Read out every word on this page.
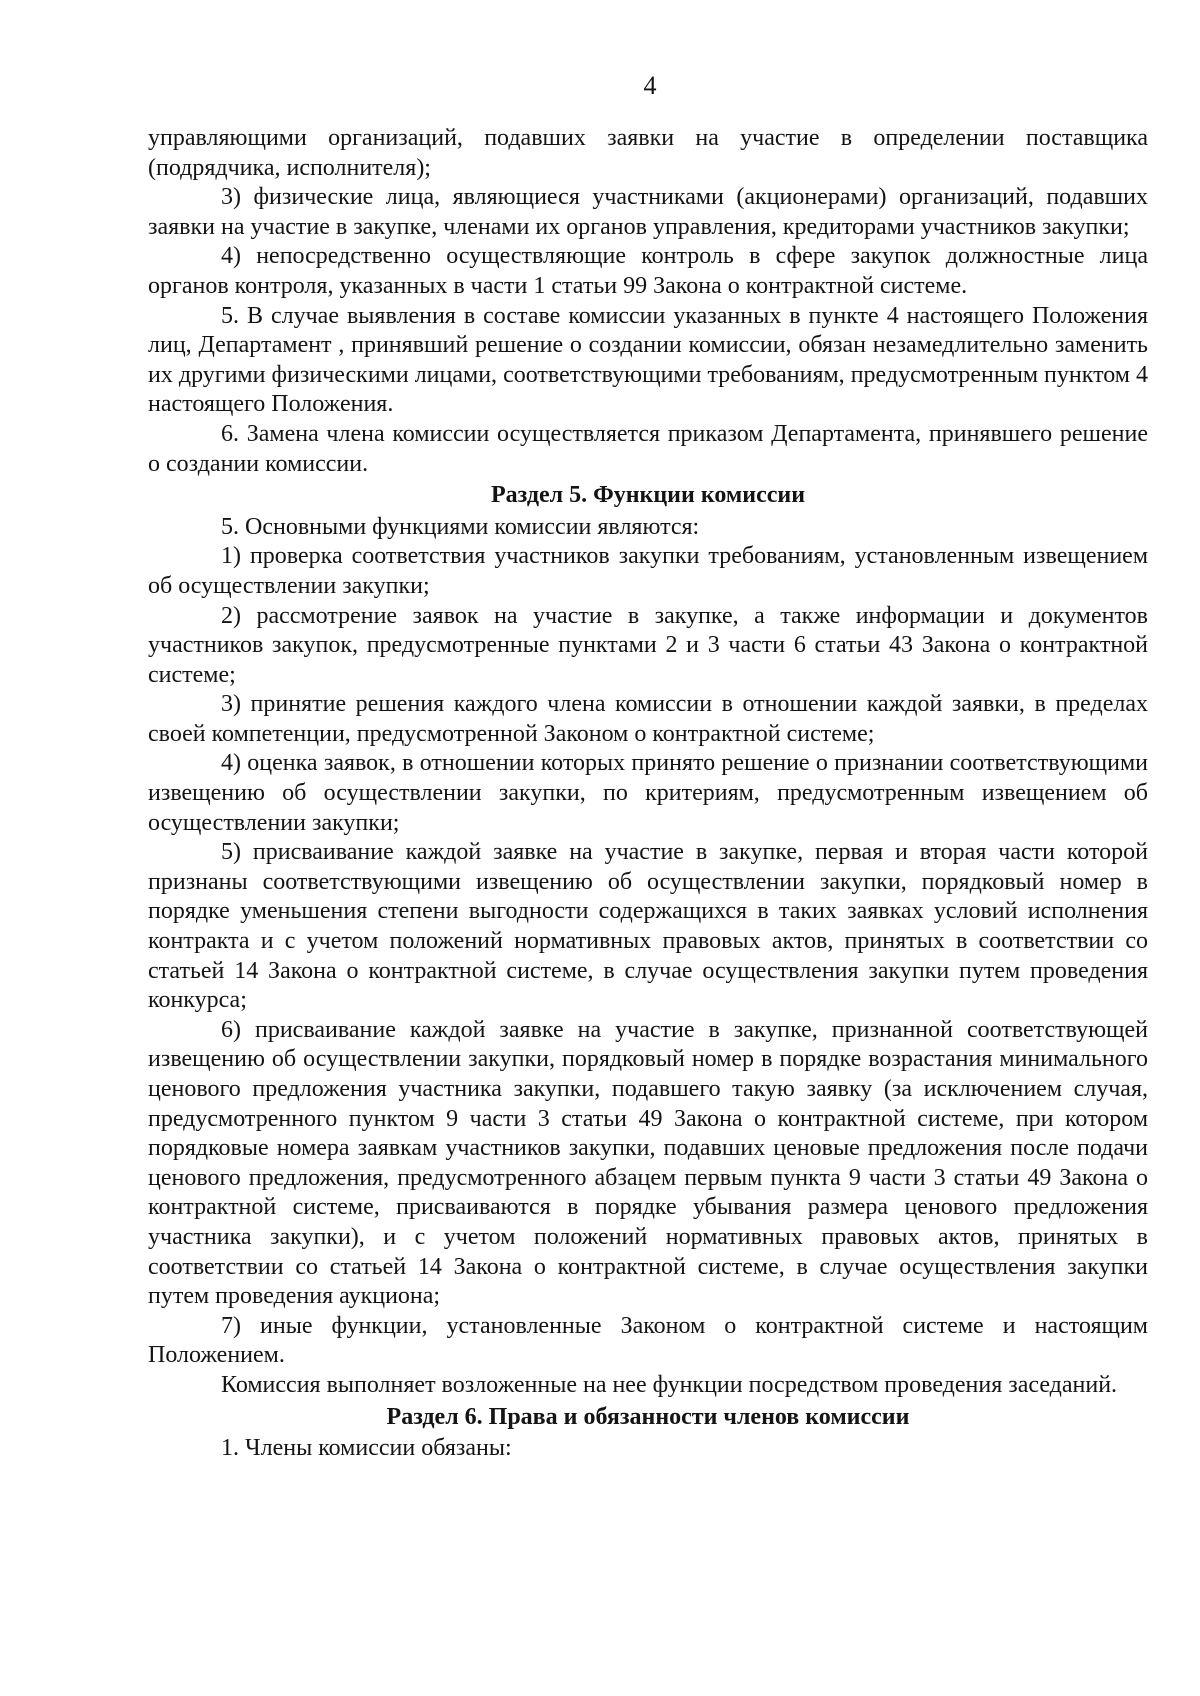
4

управляющими организаций, подавших заявки на участие в определении поставщика (подрядчика, исполнителя);

3) физические лица, являющиеся участниками (акционерами) организаций, подавших заявки на участие в закупке, членами их органов управления, кредиторами участников закупки;

4) непосредственно осуществляющие контроль в сфере закупок должностные лица органов контроля, указанных в части 1 статьи 99 Закона о контрактной системе.

5. В случае выявления в составе комиссии указанных в пункте 4 настоящего Положения лиц, Департамент , принявший решение о создании комиссии, обязан незамедлительно заменить их другими физическими лицами, соответствующими требованиям, предусмотренным пунктом 4 настоящего Положения.

6. Замена члена комиссии осуществляется приказом Департамента, принявшего решение о создании комиссии.

Раздел 5. Функции комиссии

5. Основными функциями комиссии являются:

1) проверка соответствия участников закупки требованиям, установленным извещением об осуществлении закупки;

2) рассмотрение заявок на участие в закупке, а также информации и документов участников закупок, предусмотренные пунктами 2 и 3 части 6 статьи 43 Закона о контрактной системе;

3) принятие решения каждого члена комиссии в отношении каждой заявки, в пределах своей компетенции, предусмотренной Законом о контрактной системе;

4) оценка заявок, в отношении которых принято решение о признании соответствующими извещению об осуществлении закупки, по критериям, предусмотренным извещением об осуществлении закупки;

5) присваивание каждой заявке на участие в закупке, первая и вторая части которой признаны соответствующими извещению об осуществлении закупки, порядковый номер в порядке уменьшения степени выгодности содержащихся в таких заявках условий исполнения контракта и с учетом положений нормативных правовых актов, принятых в соответствии со статьей 14 Закона о контрактной системе, в случае осуществления закупки путем проведения конкурса;

6) присваивание каждой заявке на участие в закупке, признанной соответствующей извещению об осуществлении закупки, порядковый номер в порядке возрастания минимального ценового предложения участника закупки, подавшего такую заявку (за исключением случая, предусмотренного пунктом 9 части 3 статьи 49 Закона о контрактной системе, при котором порядковые номера заявкам участников закупки, подавших ценовые предложения после подачи ценового предложения, предусмотренного абзацем первым пункта 9 части 3 статьи 49 Закона о контрактной системе, присваиваются в порядке убывания размера ценового предложения участника закупки), и с учетом положений нормативных правовых актов, принятых в соответствии со статьей 14 Закона о контрактной системе, в случае осуществления закупки путем проведения аукциона;

7) иные функции, установленные Законом о контрактной системе и настоящим Положением.

Комиссия выполняет возложенные на нее функции посредством проведения заседаний.

Раздел 6. Права и обязанности членов комиссии

1. Члены комиссии обязаны:
